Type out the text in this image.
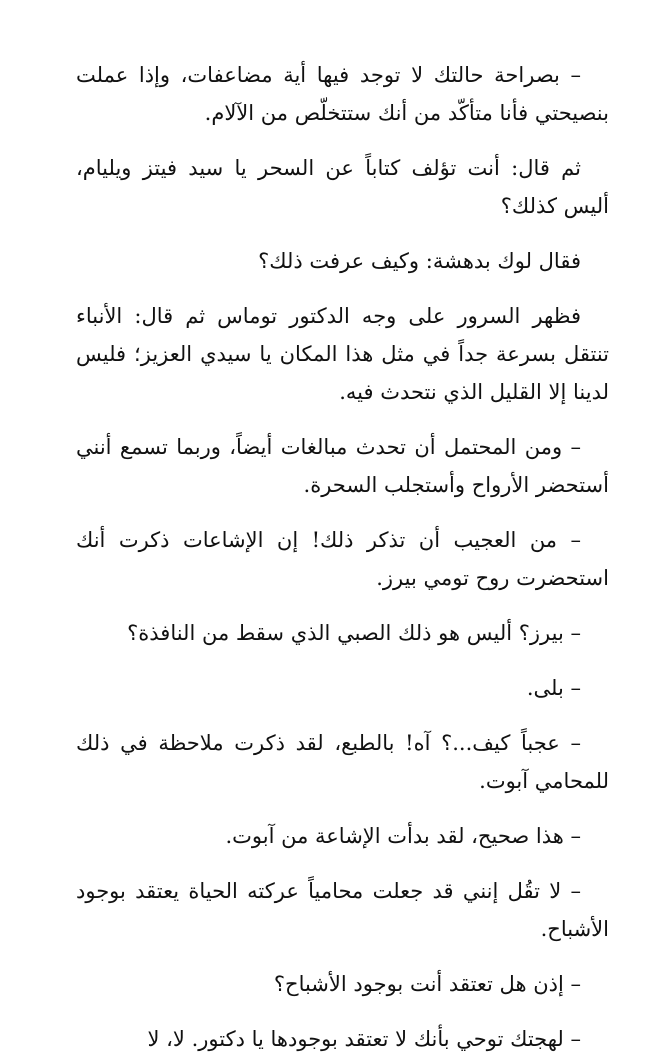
– بصراحة حالتك لا توجد فيها أية مضاعفات، وإذا عملت بنصيحتي فأنا متأكّد من أنك ستتخلّص من الآلام.

ثم قال: أنت تؤلف كتاباً عن السحر يا سيد فيتز ويليام، أليس كذلك؟

فقال لوك بدهشة: وكيف عرفت ذلك؟

فظهر السرور على وجه الدكتور توماس ثم قال: الأنباء تنتقل بسرعة جداً في مثل هذا المكان يا سيدي العزيز؛ فليس لدينا إلا القليل الذي نتحدث فيه.

– ومن المحتمل أن تحدث مبالغات أيضاً، وربما تسمع أنني أستحضر الأرواح وأستجلب السحرة.

– من العجيب أن تذكر ذلك! إن الإشاعات ذكرت أنك استحضرت روح تومي بيرز.

– بيرز؟ أليس هو ذلك الصبي الذي سقط من النافذة؟

– بلى.

– عجباً كيف...؟ آه! بالطبع، لقد ذكرت ملاحظة في ذلك للمحامي آبوت.

– هذا صحيح، لقد بدأت الإشاعة من آبوت.

– لا تقُل إنني قد جعلت محامياً عركته الحياة يعتقد بوجود الأشباح.

– إذن هل تعتقد أنت بوجود الأشباح؟

– لهجتك توحي بأنك لا تعتقد بوجودها يا دكتور. لا، لا
